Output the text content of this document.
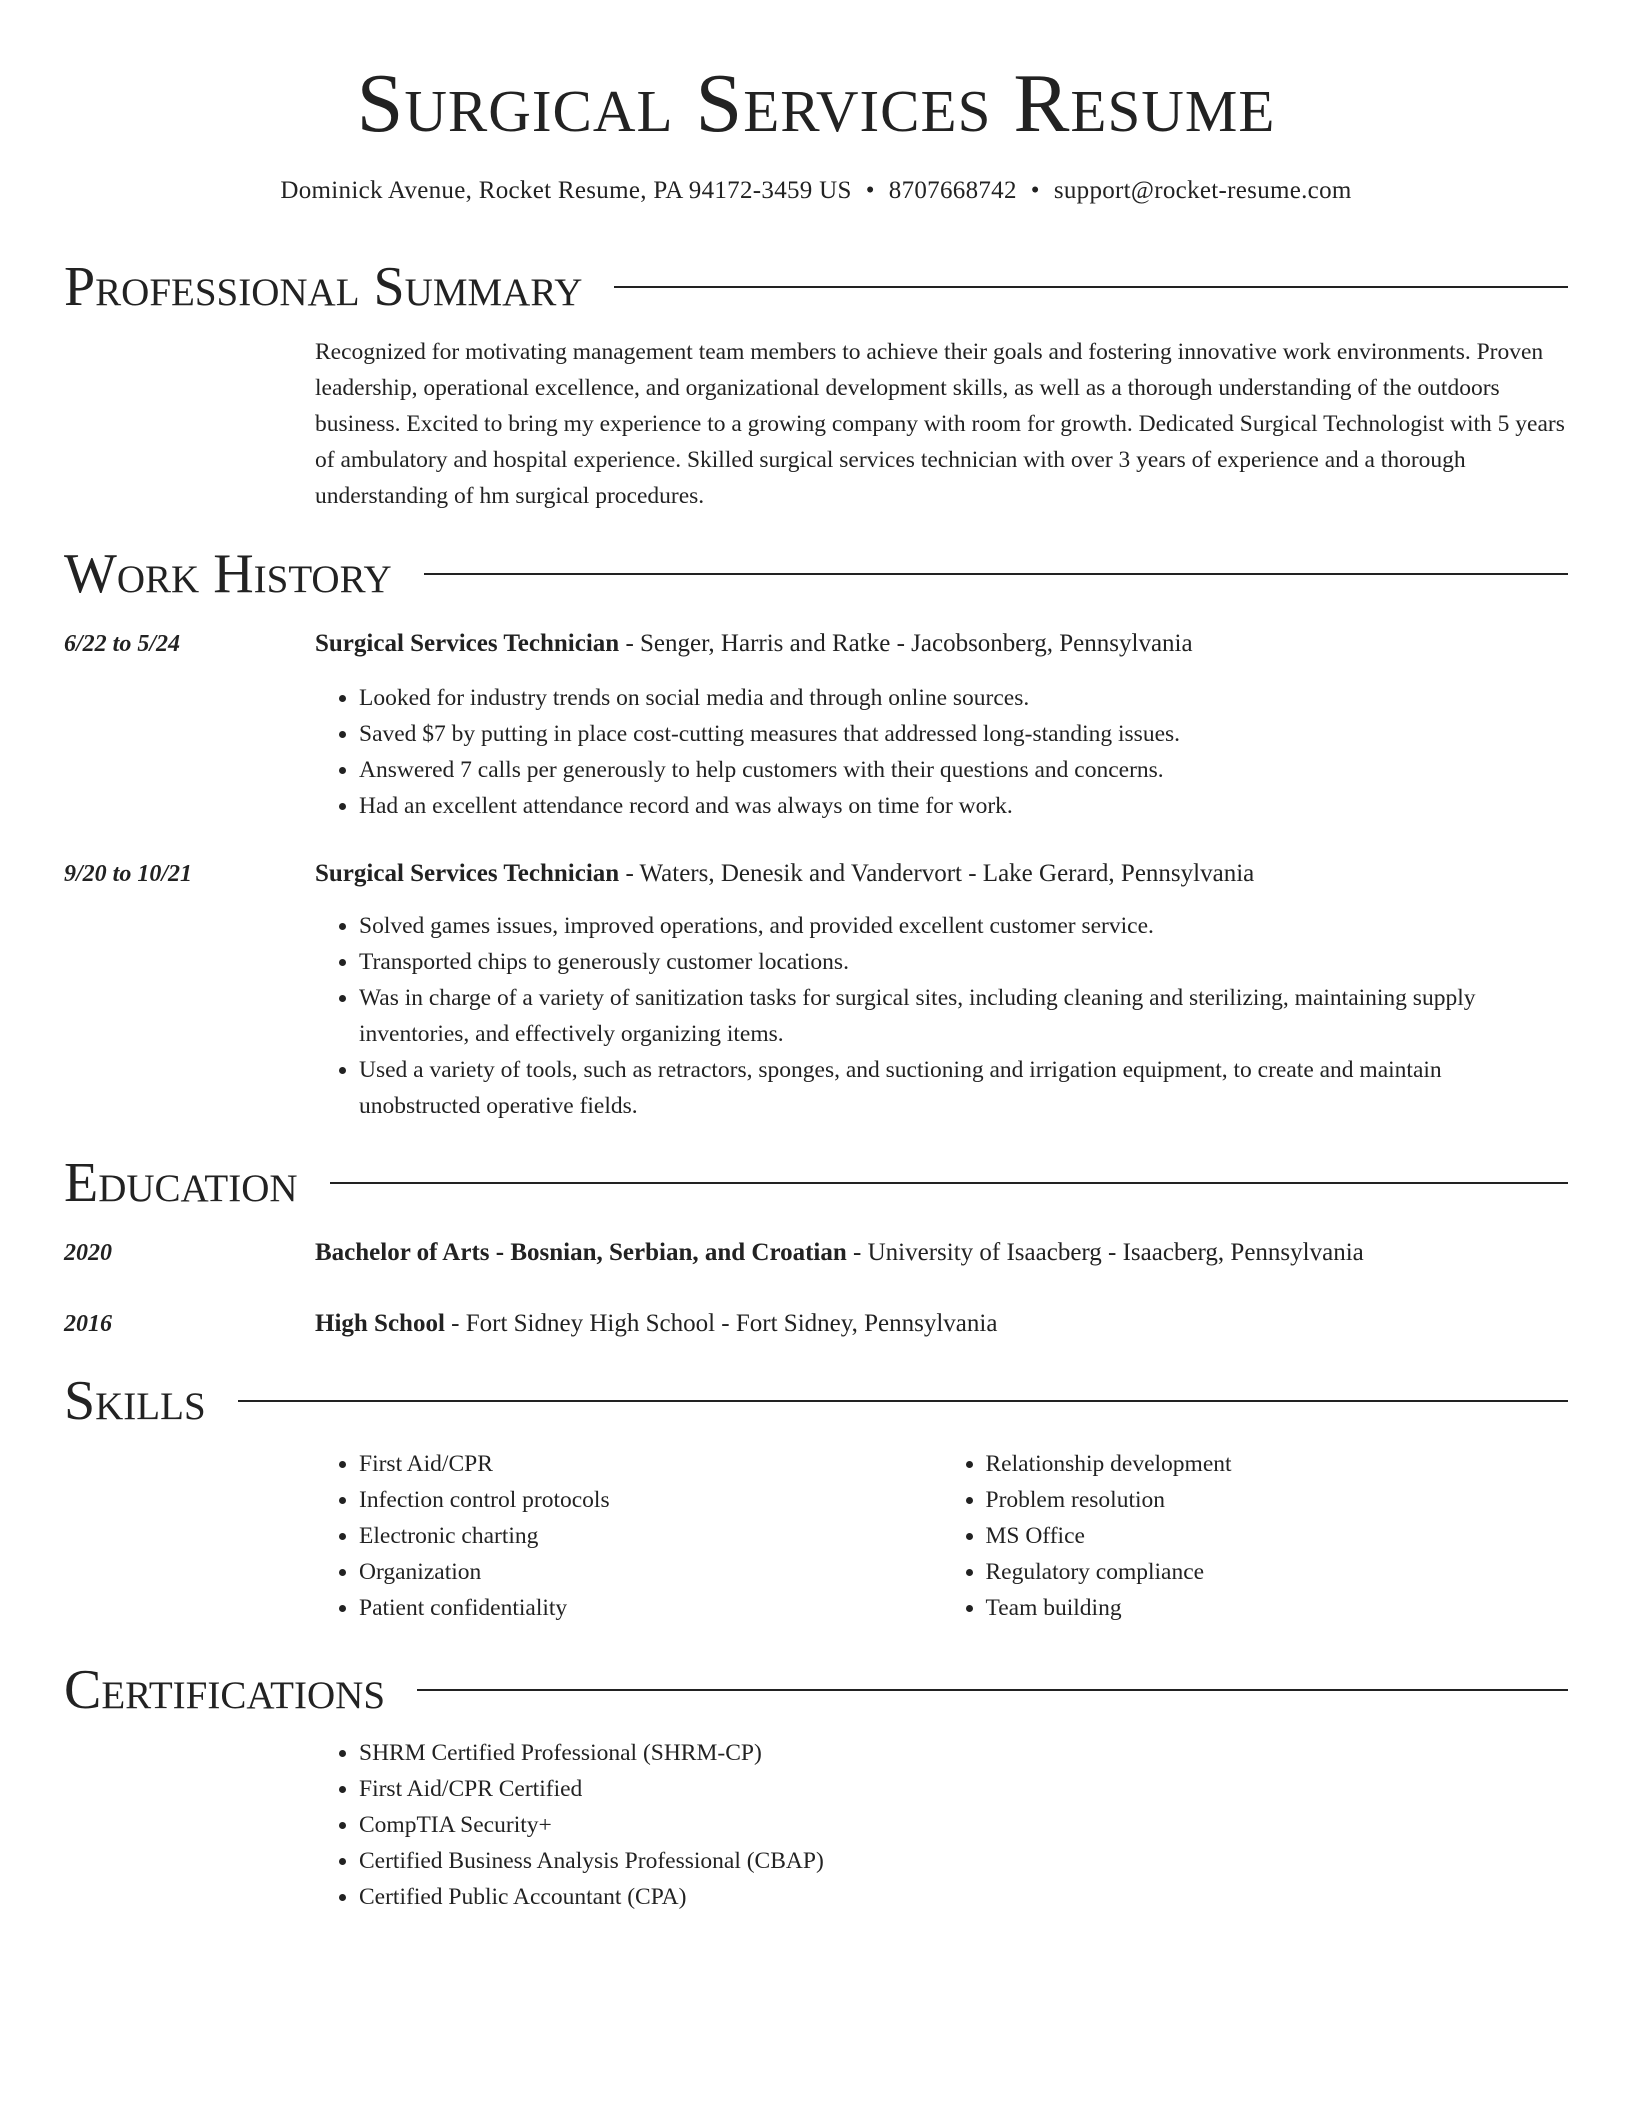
Surgical Services Resume
Dominick Avenue, Rocket Resume, PA 94172-3459 US • 8707668742 • support@rocket-resume.com
Professional Summary
Recognized for motivating management team members to achieve their goals and fostering innovative work environments. Proven leadership, operational excellence, and organizational development skills, as well as a thorough understanding of the outdoors business. Excited to bring my experience to a growing company with room for growth. Dedicated Surgical Technologist with 5 years of ambulatory and hospital experience. Skilled surgical services technician with over 3 years of experience and a thorough understanding of hm surgical procedures.
Work History
6/22 to 5/24	Surgical Services Technician - Senger, Harris and Ratke - Jacobsonberg, Pennsylvania
• Looked for industry trends on social media and through online sources.
• Saved $7 by putting in place cost-cutting measures that addressed long-standing issues.
• Answered 7 calls per generously to help customers with their questions and concerns.
• Had an excellent attendance record and was always on time for work.
9/20 to 10/21	Surgical Services Technician - Waters, Denesik and Vandervort - Lake Gerard, Pennsylvania
• Solved games issues, improved operations, and provided excellent customer service.
• Transported chips to generously customer locations.
• Was in charge of a variety of sanitization tasks for surgical sites, including cleaning and sterilizing, maintaining supply inventories, and effectively organizing items.
• Used a variety of tools, such as retractors, sponges, and suctioning and irrigation equipment, to create and maintain unobstructed operative fields.
Education
2020	Bachelor of Arts - Bosnian, Serbian, and Croatian - University of Isaacberg - Isaacberg, Pennsylvania
2016	High School - Fort Sidney High School - Fort Sidney, Pennsylvania
Skills
• First Aid/CPR
• Infection control protocols
• Electronic charting
• Organization
• Patient confidentiality
• Relationship development
• Problem resolution
• MS Office
• Regulatory compliance
• Team building
Certifications
• SHRM Certified Professional (SHRM-CP)
• First Aid/CPR Certified
• CompTIA Security+
• Certified Business Analysis Professional (CBAP)
• Certified Public Accountant (CPA)
